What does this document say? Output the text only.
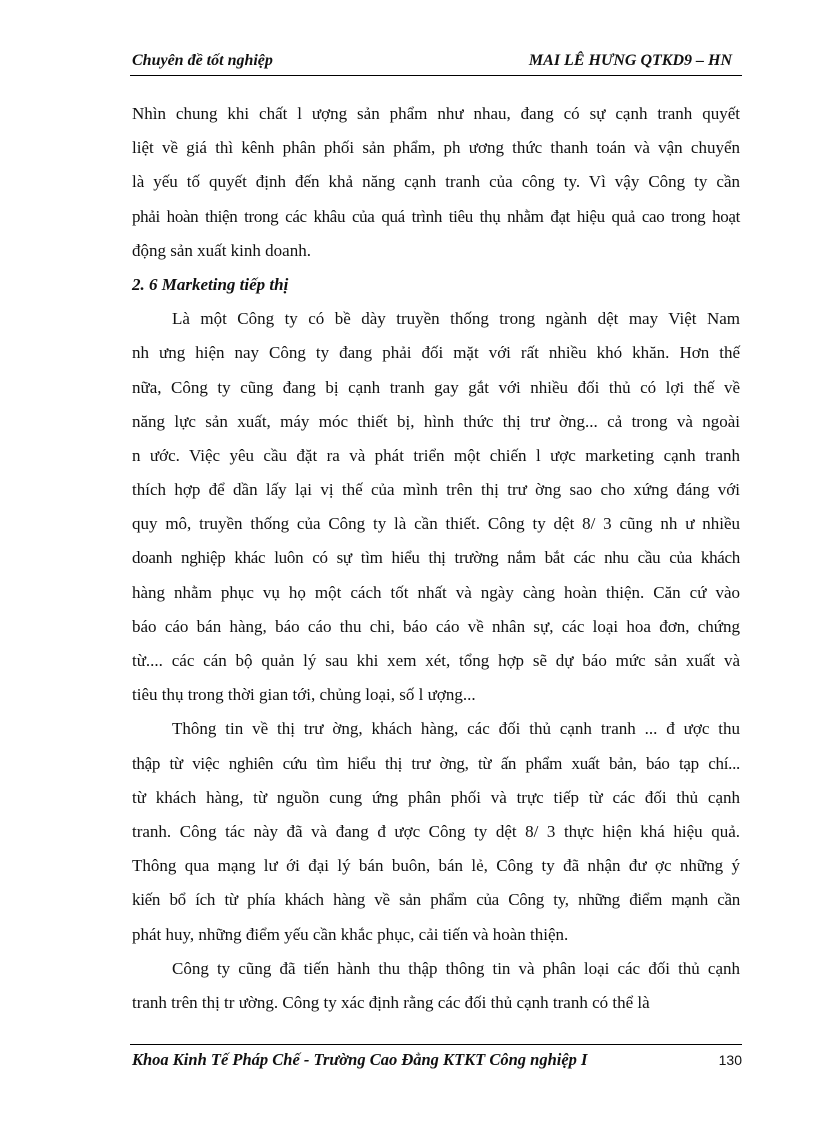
Chuyên đề tốt nghiệp	MAI LÊ HƯNG QTKD9 – HN
Nhìn chung khi chất l ượng sản phẩm như nhau, đang có sự cạnh tranh quyết
liệt về giá thì kênh phân phối sản phẩm, ph ương thức thanh toán và vận chuyển
là yếu tố quyết định đến khả năng cạnh tranh của công ty. Vì vậy Công ty cần
phải hoàn thiện trong các khâu của quá trình tiêu thụ nhằm đạt hiệu quả cao trong hoạt
động sản xuất kinh doanh.
2. 6 Marketing tiếp thị
Là một Công ty có bề dày truyền thống trong ngành dệt may Việt Nam
nh ưng hiện nay Công ty đang phải đối mặt với rất nhiều khó khăn. Hơn thế
nữa, Công ty cũng đang bị cạnh tranh gay gắt với nhiều đối thủ có lợi thế về
năng lực sản xuất, máy móc thiết bị, hình thức thị trư ờng... cả trong và ngoài
n ước. Việc yêu cầu đặt ra và phát triển một chiến l ược marketing cạnh tranh
thích hợp để dần lấy lại vị thế của mình trên thị trư ờng sao cho xứng đáng với
quy mô, truyền thống của Công ty là cần thiết. Công ty dệt 8/ 3 cũng nh ư nhiều
doanh nghiệp khác luôn có sự tìm hiểu thị trường nắm bắt các nhu cầu của khách
hàng nhằm phục vụ họ một cách tốt nhất và ngày càng hoàn thiện. Căn cứ vào
báo cáo bán hàng, báo cáo thu chi, báo cáo về nhân sự, các loại hoa đơn, chứng
từ.... các cán bộ quản lý sau khi xem xét, tổng hợp sẽ dự báo mức sản xuất và
tiêu thụ trong thời gian tới, chủng loại, số l ượng...
Thông tin về thị trư ờng, khách hàng, các đối thủ cạnh tranh ... đ ược thu
thập từ việc nghiên cứu tìm hiểu thị trư ờng, từ ấn phẩm xuất bản, báo tạp chí...
từ khách hàng, từ nguồn cung ứng phân phối và trực tiếp từ các đối thủ cạnh
tranh. Công tác này đã và đang đ ược Công ty dệt 8/ 3 thực hiện khá hiệu quả.
Thông qua mạng lư ới đại lý bán buôn, bán lẻ, Công ty đã nhận đư ợc những ý
kiến bổ ích từ phía khách hàng về sản phẩm của Công ty, những điểm mạnh cần
phát huy, những điểm yếu cần khắc phục, cải tiến và hoàn thiện.
Công ty cũng đã tiến hành thu thập thông tin và phân loại các đối thủ cạnh
tranh trên thị tr ường. Công ty xác định rằng các đối thủ cạnh tranh có thể là
Khoa Kinh Tế Pháp Chế - Trường Cao Đẳng KTKT Công nghiệp I	130
